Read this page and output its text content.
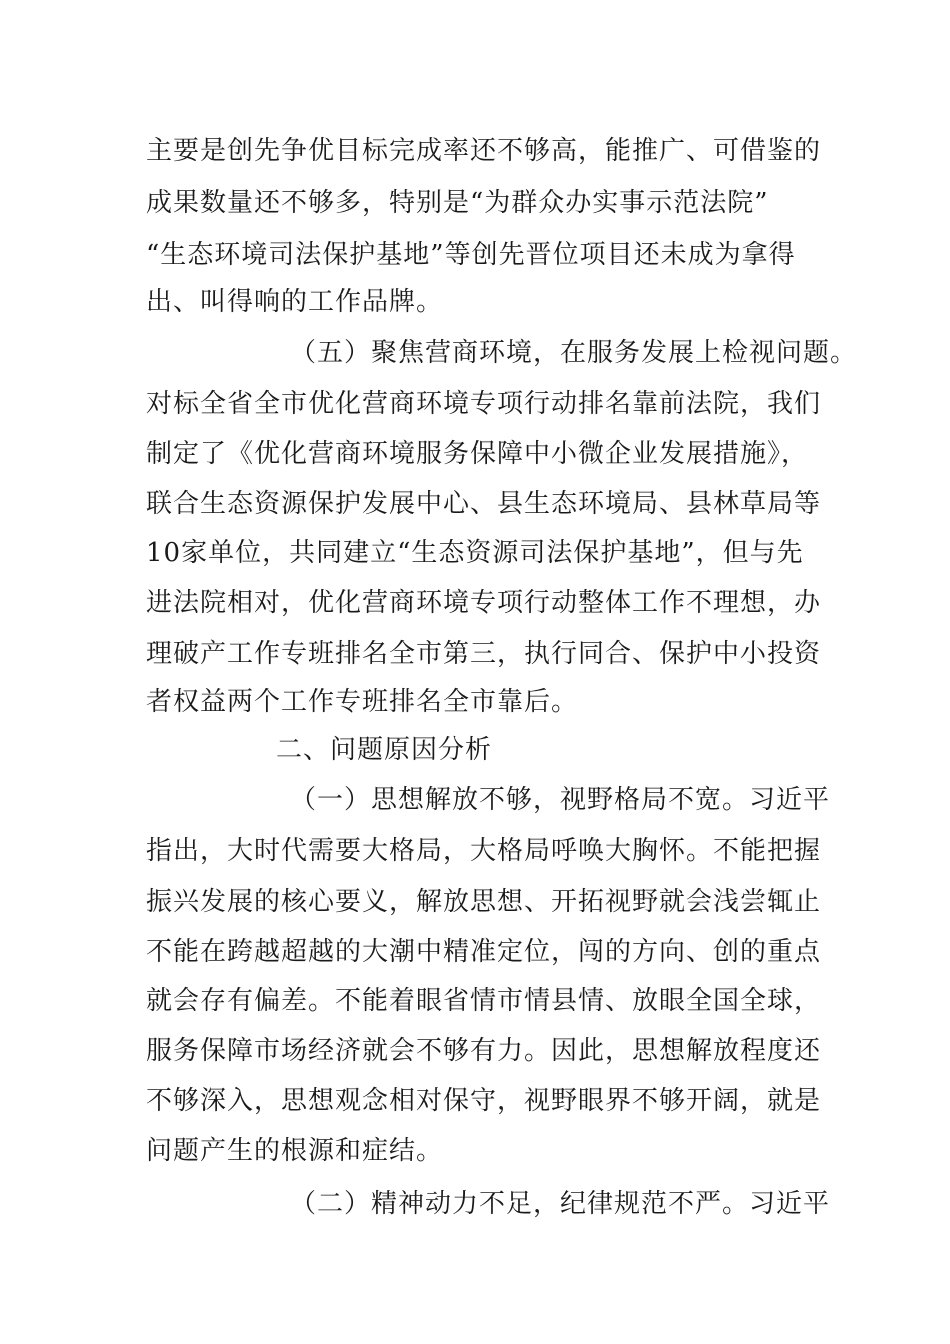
主要是创先争优目标完成率还不够高，能推广、可借鉴的
成果数量还不够多，特别是“为群众办实事示范法院”
“生态环境司法保护基地”等创先晋位项目还未成为拿得
出、叫得响的工作品牌。
（五）聚焦营商环境，在服务发展上检视问题。
对标全省全市优化营商环境专项行动排名靠前法院，我们
制定了《优化营商环境服务保障中小微企业发展措施》，
联合生态资源保护发展中心、县生态环境局、县林草局等
10家单位，共同建立“生态资源司法保护基地”，但与先
进法院相对，优化营商环境专项行动整体工作不理想，办
理破产工作专班排名全市第三，执行同合、保护中小投资
者权益两个工作专班排名全市靠后。
二、问题原因分析
（一）思想解放不够，视野格局不宽。习近平
指出，大时代需要大格局，大格局呼唤大胸怀。不能把握
振兴发展的核心要义，解放思想、开拓视野就会浅尝辄止
不能在跨越超越的大潮中精准定位，闯的方向、创的重点
就会存有偏差。不能着眼省情市情县情、放眼全国全球，
服务保障市场经济就会不够有力。因此，思想解放程度还
不够深入，思想观念相对保守，视野眼界不够开阔，就是
问题产生的根源和症结。
（二）精神动力不足，纪律规范不严。习近平
